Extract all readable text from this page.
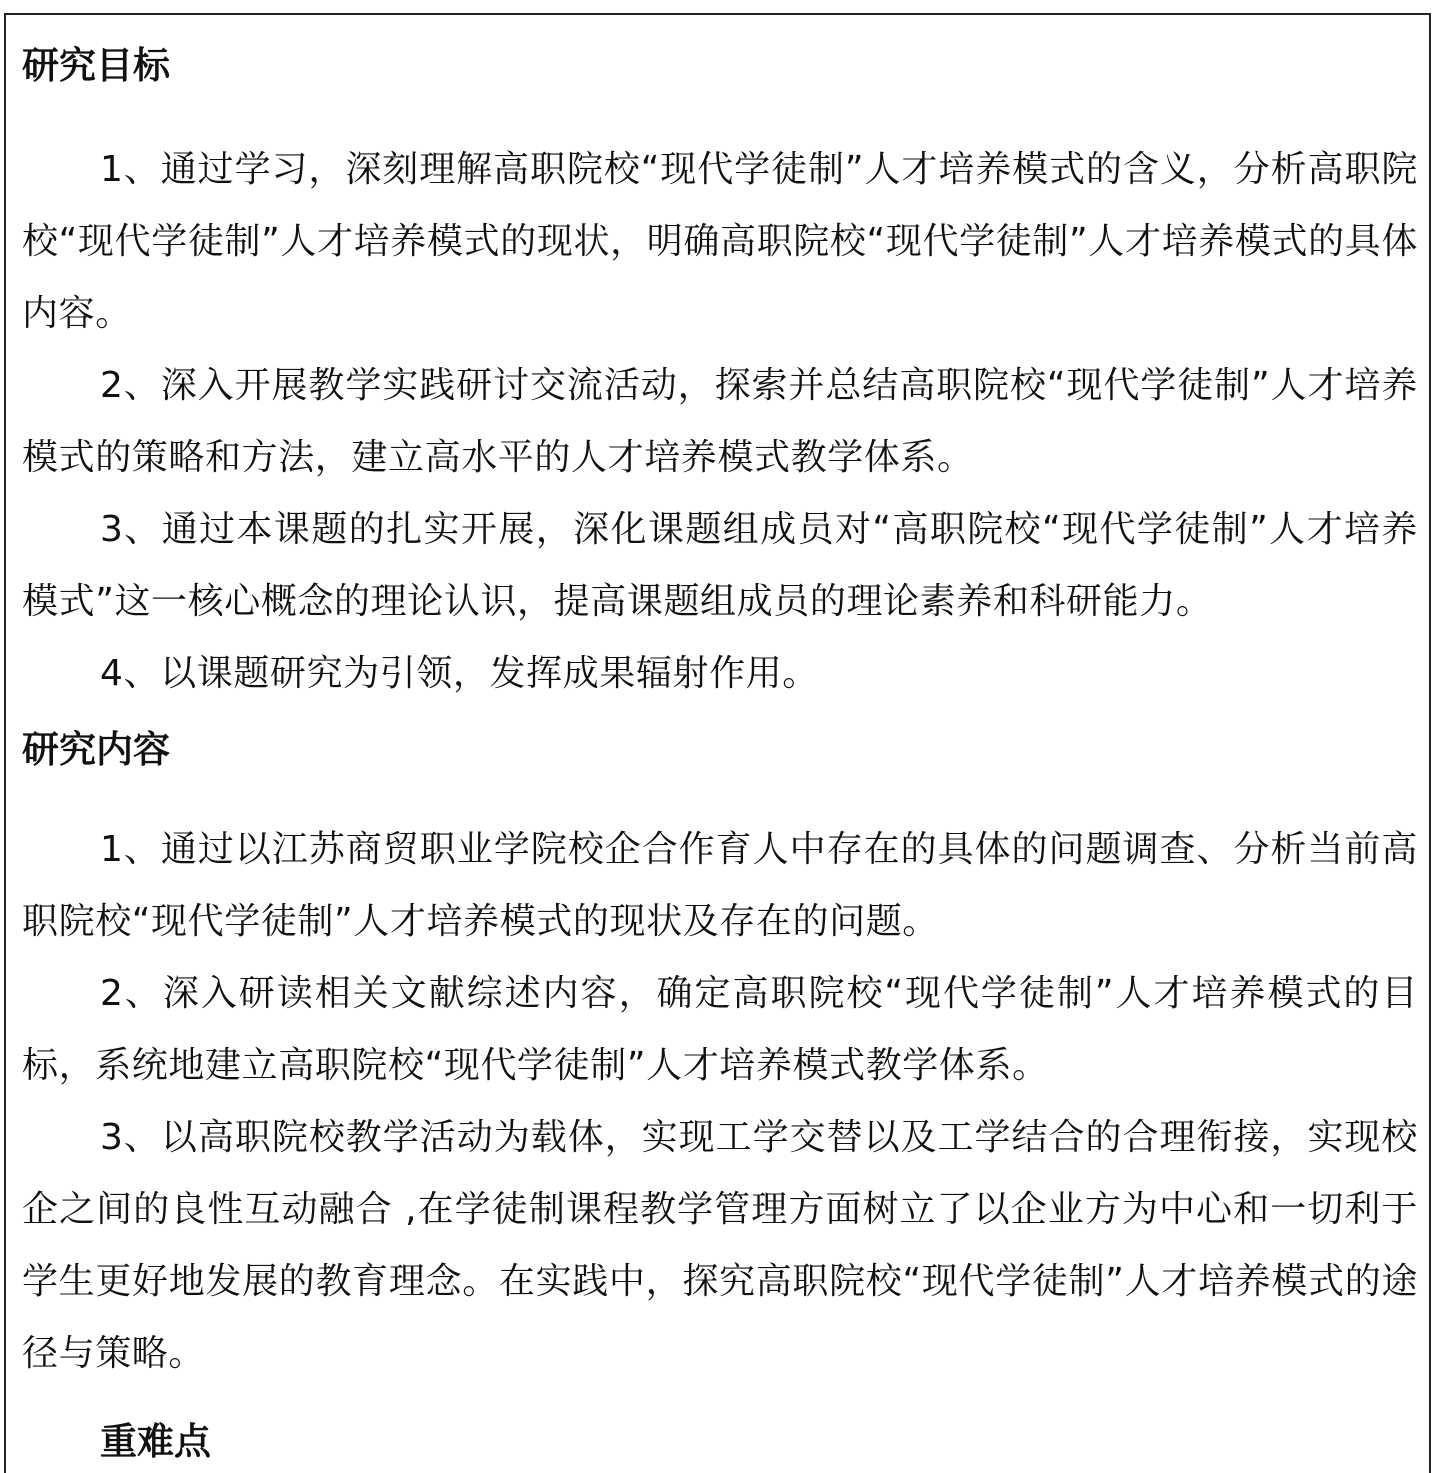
研究目标

1、通过学习，深刻理解高职院校“现代学徒制”人才培养模式的含义，分析高职院校“现代学徒制”人才培养模式的现状，明确高职院校“现代学徒制”人才培养模式的具体内容。

2、深入开展教学实践研讨交流活动，探索并总结高职院校“现代学徒制”人才培养模式的策略和方法，建立高水平的人才培养模式教学体系。

3、通过本课题的扎实开展，深化课题组成员对“高职院校“现代学徒制”人才培养模式”这一核心概念的理论认识，提高课题组成员的理论素养和科研能力。

4、以课题研究为引领，发挥成果辐射作用。

研究内容

1、通过以江苏商贸职业学院校企合作育人中存在的具体的问题调查、分析当前高职院校“现代学徒制”人才培养模式的现状及存在的问题。

2、深入研读相关文献综述内容，确定高职院校“现代学徒制”人才培养模式的目标，系统地建立高职院校“现代学徒制”人才培养模式教学体系。

3、以高职院校教学活动为载体，实现工学交替以及工学结合的合理衔接，实现校企之间的良性互动融合 ,在学徒制课程教学管理方面树立了以企业方为中心和一切利于学生更好地发展的教育理念。在实践中，探究高职院校“现代学徒制”人才培养模式的途径与策略。

重难点
